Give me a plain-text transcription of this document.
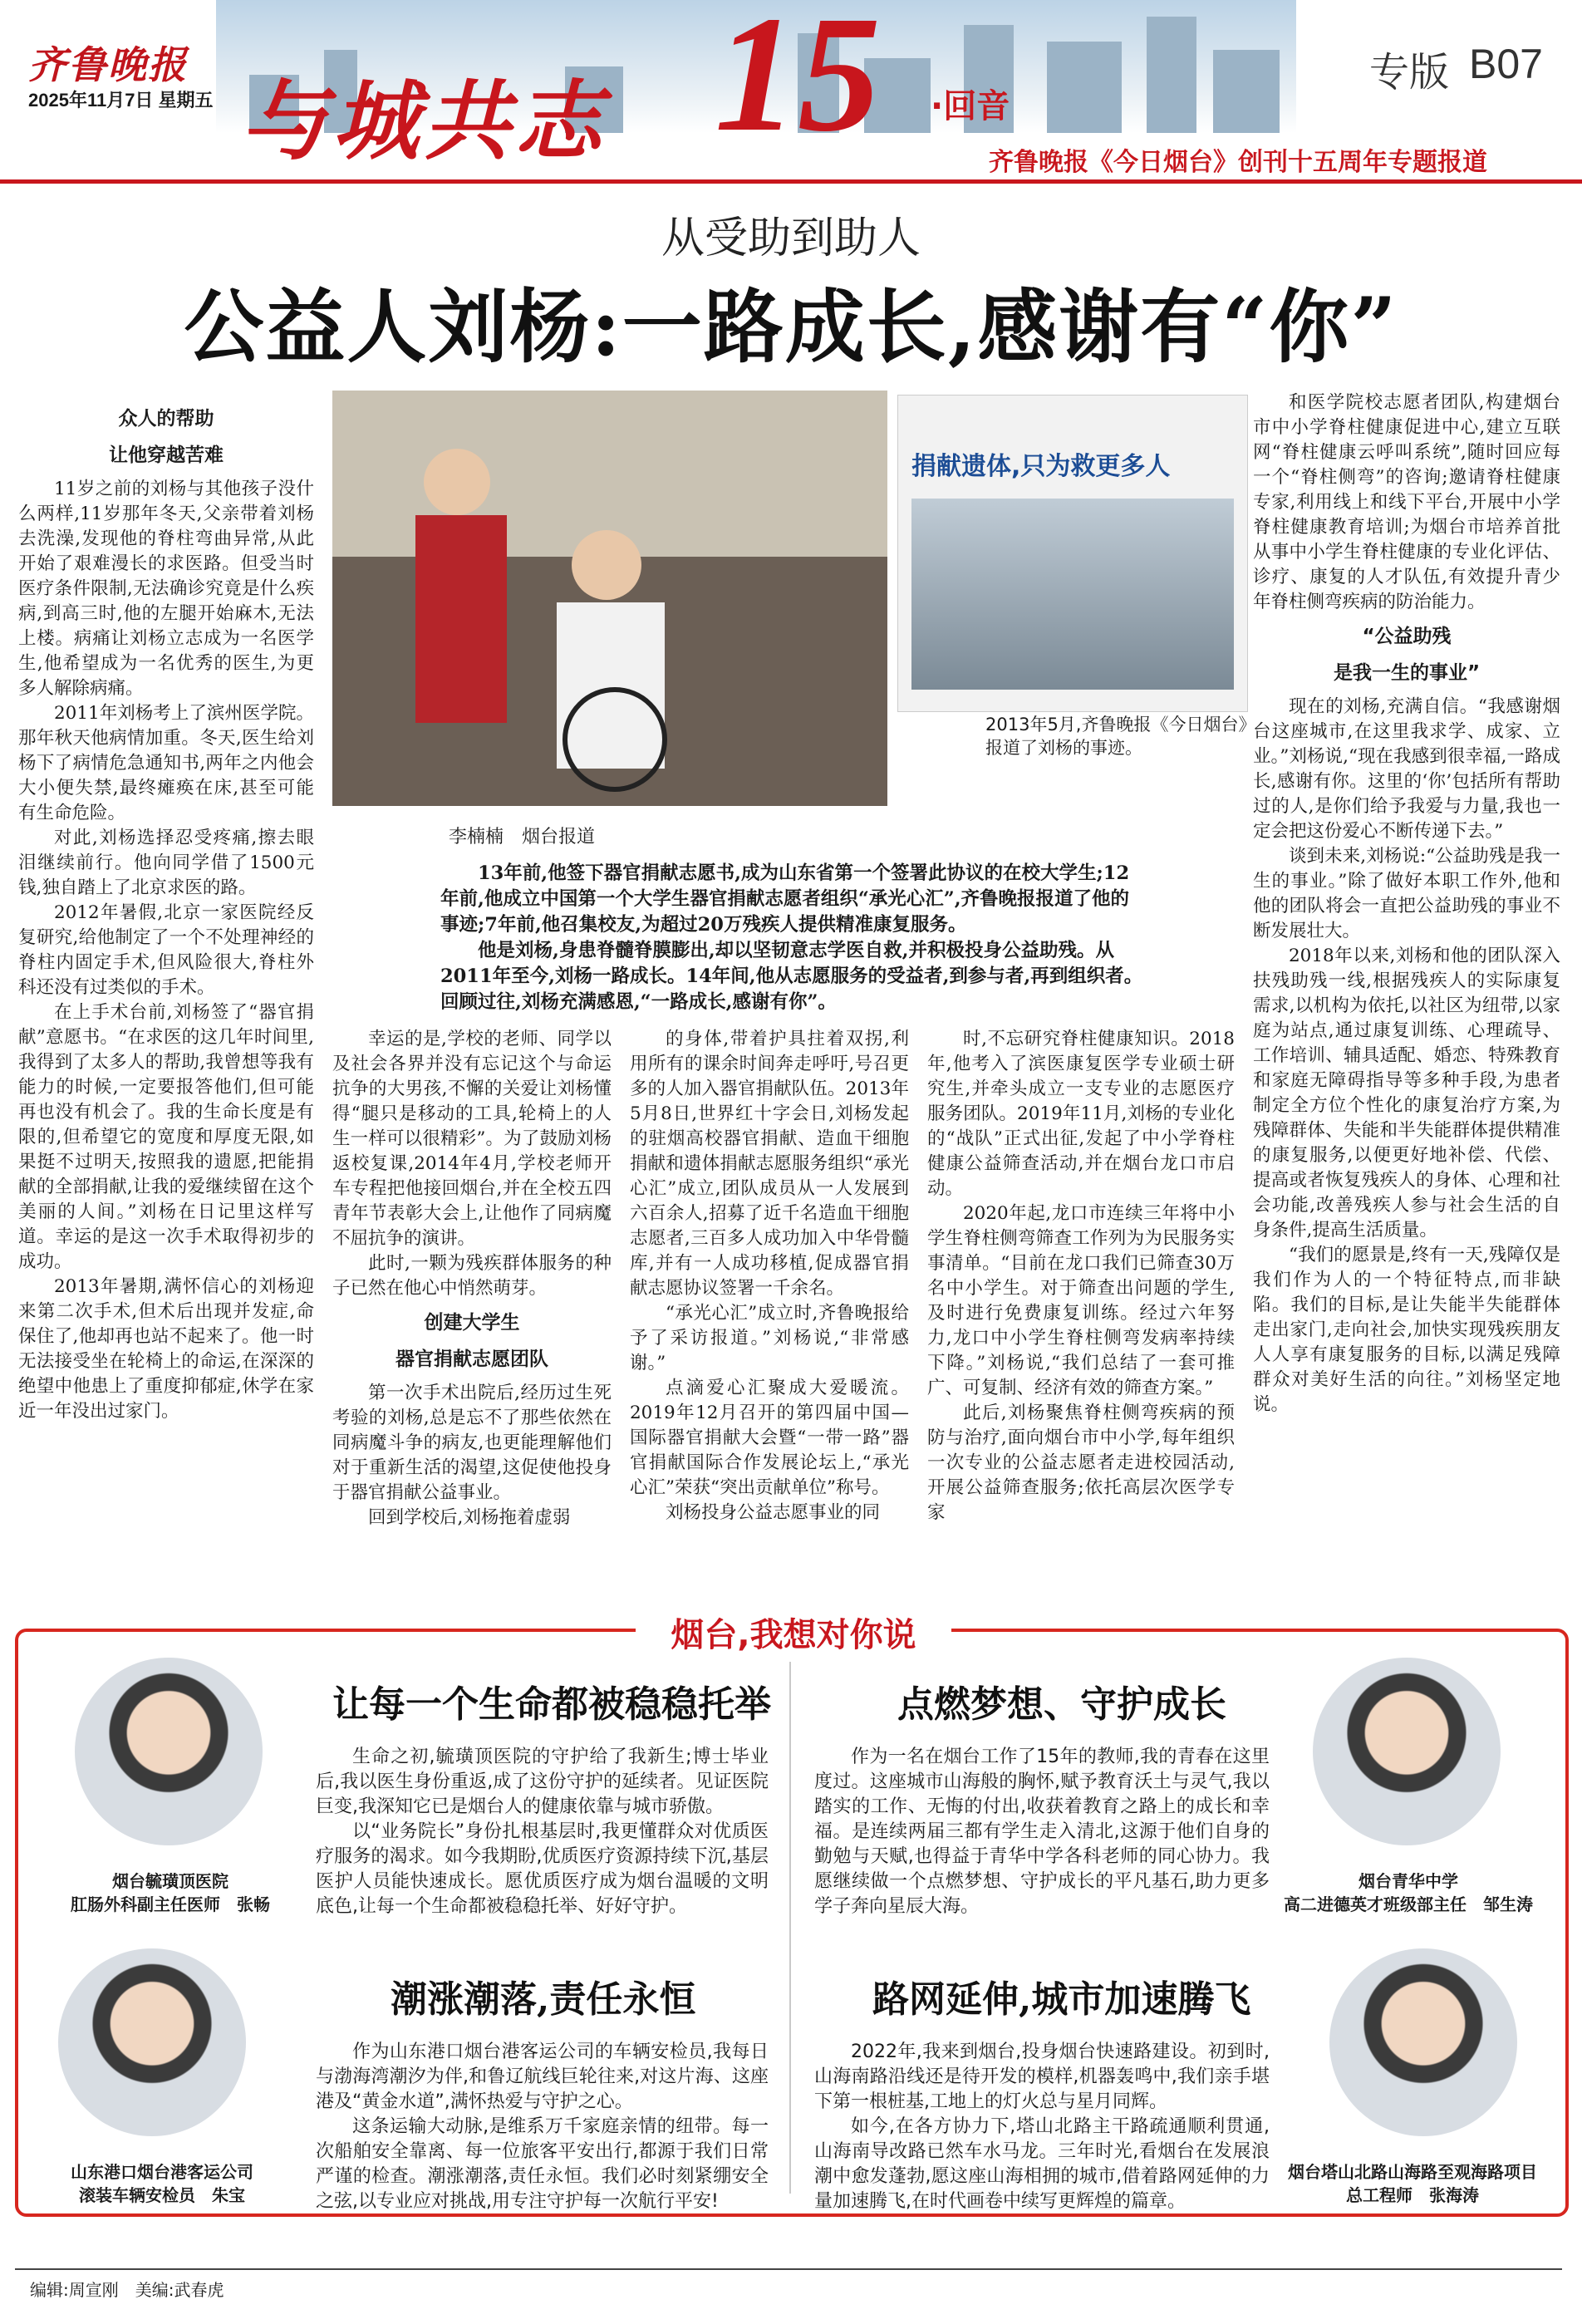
齐鲁晚报
2025年11月7日 星期五 与城共志 15 ·回音
专版 B07
齐鲁晚报《今日烟台》创刊十五周年专题报道
从受助到助人
公益人刘杨:一路成长,感谢有“你”
众人的帮助
让他穿越苦难

11岁之前的刘杨与其他孩子没什么两样,11岁那年冬天,父亲带着刘杨去洗澡,发现他的脊柱弯曲异常,从此开始了艰难漫长的求医路。但受当时医疗条件限制,无法确诊究竟是什么疾病,到高三时,他的左腿开始麻木,无法上楼。病痛让刘杨立志成为一名医学生,他希望成为一名优秀的医生,为更多人解除病痛。

2011年刘杨考上了滨州医学院。那年秋天他病情加重。冬天,医生给刘杨下了病情危急通知书,两年之内他会大小便失禁,最终瘫痪在床,甚至可能有生命危险。

对此,刘杨选择忍受疼痛,擦去眼泪继续前行。他向同学借了1500元钱,独自踏上了北京求医的路。

2012年暑假,北京一家医院经反复研究,给他制定了一个不处理神经的脊柱内固定手术,但风险很大,脊柱外科还没有过类似的手术。

在上手术台前,刘杨签了“器官捐献”意愿书。“在求医的这几年时间里,我得到了太多人的帮助,我曾想等我有能力的时候,一定要报答他们,但可能再也没有机会了。我的生命长度是有限的,但希望它的宽度和厚度无限,如果挺不过明天,按照我的遗愿,把能捐献的全部捐献,让我的爱继续留在这个美丽的人间。”刘杨在日记里这样写道。幸运的是这一次手术取得初步的成功。

2013年暑期,满怀信心的刘杨迎来第二次手术,但术后出现并发症,命保住了,他却再也站不起来了。他一时无法接受坐在轮椅上的命运,在深深的绝望中他患上了重度抑郁症,休学在家近一年没出过家门。

捐献遗体,只为救更多人
2013年5月,齐鲁晚报《今日烟台》报道了刘杨的事迹。
李楠楠　烟台报道

13年前,他签下器官捐献志愿书,成为山东省第一个签署此协议的在校大学生;12年前,他成立中国第一个大学生器官捐献志愿者组织“承光心汇”,齐鲁晚报报道了他的事迹;7年前,他召集校友,为超过20万残疾人提供精准康复服务。

他是刘杨,身患脊髓脊膜膨出,却以坚韧意志学医自救,并积极投身公益助残。从2011年至今,刘杨一路成长。14年间,他从志愿服务的受益者,到参与者,再到组织者。回顾过往,刘杨充满感恩,“一路成长,感谢有你”。

幸运的是,学校的老师、同学以及社会各界并没有忘记这个与命运抗争的大男孩,不懈的关爱让刘杨懂得“腿只是移动的工具,轮椅上的人生一样可以很精彩”。为了鼓励刘杨返校复课,2014年4月,学校老师开车专程把他接回烟台,并在全校五四青年节表彰大会上,让他作了同病魔不屈抗争的演讲。

此时,一颗为残疾群体服务的种子已然在他心中悄然萌芽。

创建大学生
器官捐献志愿团队

第一次手术出院后,经历过生死考验的刘杨,总是忘不了那些依然在同病魔斗争的病友,也更能理解他们对于重新生活的渴望,这促使他投身于器官捐献公益事业。

回到学校后,刘杨拖着虚弱

的身体,带着护具拄着双拐,利用所有的课余时间奔走呼吁,号召更多的人加入器官捐献队伍。2013年5月8日,世界红十字会日,刘杨发起的驻烟高校器官捐献、造血干细胞捐献和遗体捐献志愿服务组织“承光心汇”成立,团队成员从一人发展到六百余人,招募了近千名造血干细胞志愿者,三百多人成功加入中华骨髓库,并有一人成功移植,促成器官捐献志愿协议签署一千余名。

“承光心汇”成立时,齐鲁晚报给予了采访报道。”刘杨说,“非常感谢。”

点滴爱心汇聚成大爱暖流。2019年12月召开的第四届中国—国际器官捐献大会暨“一带一路”器官捐献国际合作发展论坛上,“承光心汇”荣获“突出贡献单位”称号。

刘杨投身公益志愿事业的同

时,不忘研究脊柱健康知识。2018年,他考入了滨医康复医学专业硕士研究生,并牵头成立一支专业的志愿医疗服务团队。2019年11月,刘杨的专业化的“战队”正式出征,发起了中小学脊柱健康公益筛查活动,并在烟台龙口市启动。

2020年起,龙口市连续三年将中小学生脊柱侧弯筛查工作列为为民服务实事清单。“目前在龙口我们已筛查30万名中小学生。对于筛查出问题的学生,及时进行免费康复训练。经过六年努力,龙口中小学生脊柱侧弯发病率持续下降。”刘杨说,“我们总结了一套可推广、可复制、经济有效的筛查方案。”

此后,刘杨聚焦脊柱侧弯疾病的预防与治疗,面向烟台市中小学,每年组织一次专业的公益志愿者走进校园活动,开展公益筛查服务;依托高层次医学专家

和医学院校志愿者团队,构建烟台市中小学脊柱健康促进中心,建立互联网“脊柱健康云呼叫系统”,随时回应每一个“脊柱侧弯”的咨询;邀请脊柱健康专家,利用线上和线下平台,开展中小学脊柱健康教育培训;为烟台市培养首批从事中小学生脊柱健康的专业化评估、诊疗、康复的人才队伍,有效提升青少年脊柱侧弯疾病的防治能力。

“公益助残
是我一生的事业”

现在的刘杨,充满自信。“我感谢烟台这座城市,在这里我求学、成家、立业。”刘杨说,“现在我感到很幸福,一路成长,感谢有你。这里的‘你’包括所有帮助过的人,是你们给予我爱与力量,我也一定会把这份爱心不断传递下去。”

谈到未来,刘杨说:“公益助残是我一生的事业。”除了做好本职工作外,他和他的团队将会一直把公益助残的事业不断发展壮大。

2018年以来,刘杨和他的团队深入扶残助残一线,根据残疾人的实际康复需求,以机构为依托,以社区为纽带,以家庭为站点,通过康复训练、心理疏导、工作培训、辅具适配、婚恋、特殊教育和家庭无障碍指导等多种手段,为患者制定全方位个性化的康复治疗方案,为残障群体、失能和半失能群体提供精准的康复服务,以便更好地补偿、代偿、提高或者恢复残疾人的身体、心理和社会功能,改善残疾人参与社会生活的自身条件,提高生活质量。

“我们的愿景是,终有一天,残障仅是我们作为人的一个特征特点,而非缺陷。我们的目标,是让失能半失能群体走出家门,走向社会,加快实现残疾朋友人人享有康复服务的目标,以满足残障群众对美好生活的向往。”刘杨坚定地说。

烟台,我想对你说
烟台毓璜顶医院
肛肠外科副主任医师　张畅
让每一个生命都被稳稳托举

生命之初,毓璜顶医院的守护给了我新生;博士毕业后,我以医生身份重返,成了这份守护的延续者。见证医院巨变,我深知它已是烟台人的健康依靠与城市骄傲。

以“业务院长”身份扎根基层时,我更懂群众对优质医疗服务的渴求。如今我期盼,优质医疗资源持续下沉,基层医护人员能快速成长。愿优质医疗成为烟台温暖的文明底色,让每一个生命都被稳稳托举、好好守护。

烟台青华中学
高二进德英才班级部主任　邹生涛
点燃梦想、守护成长

作为一名在烟台工作了15年的教师,我的青春在这里度过。这座城市山海般的胸怀,赋予教育沃土与灵气,我以踏实的工作、无悔的付出,收获着教育之路上的成长和幸福。是连续两届三都有学生走入清北,这源于他们自身的勤勉与天赋,也得益于青华中学各科老师的同心协力。我愿继续做一个点燃梦想、守护成长的平凡基石,助力更多学子奔向星辰大海。

山东港口烟台港客运公司
滚装车辆安检员　朱宝
潮涨潮落,责任永恒

作为山东港口烟台港客运公司的车辆安检员,我每日与渤海湾潮汐为伴,和鲁辽航线巨轮往来,对这片海、这座港及“黄金水道”,满怀热爱与守护之心。

这条运输大动脉,是维系万千家庭亲情的纽带。每一次船舶安全靠离、每一位旅客平安出行,都源于我们日常严谨的检查。潮涨潮落,责任永恒。我们必时刻紧绷安全之弦,以专业应对挑战,用专注守护每一次航行平安!

烟台塔山北路山海路至观海路项目
总工程师　张海涛
路网延伸,城市加速腾飞

2022年,我来到烟台,投身烟台快速路建设。初到时,山海南路沿线还是待开发的模样,机器轰鸣中,我们亲手堪下第一根桩基,工地上的灯火总与星月同辉。

如今,在各方协力下,塔山北路主干路疏通顺利贯通,山海南导改路已然车水马龙。三年时光,看烟台在发展浪潮中愈发蓬勃,愿这座山海相拥的城市,借着路网延伸的力量加速腾飞,在时代画卷中续写更辉煌的篇章。

编辑:周宣刚　美编:武春虎
